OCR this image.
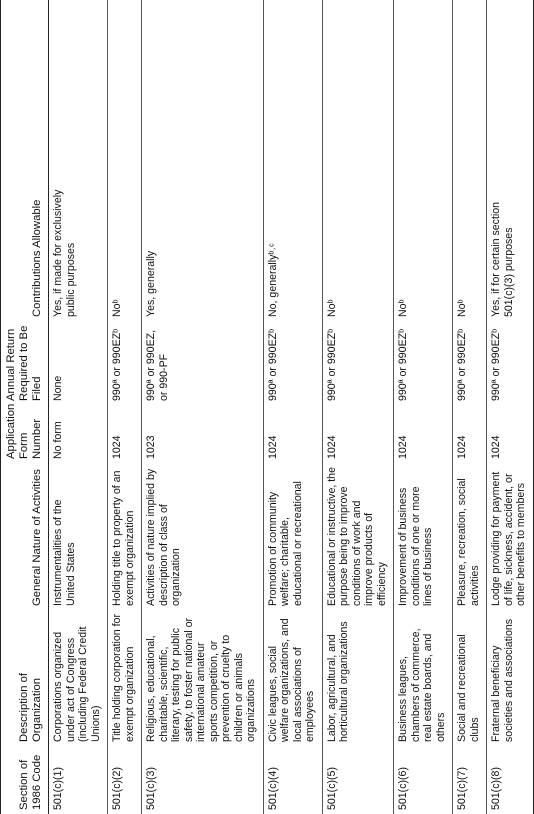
Section of 1986 Code	Description of Organization	General Nature of Activities	Application Form Number	Annual Return Required to Be Filed	Contributions Allowable

501(c)(1)	Corporations organized under act of Congress (including Federal Credit Unions)	Instrumentalities of the United States	No form	None	Yes, if made for exclusively public purposes

501(c)(2)	Title holding corporation for exempt organization	Holding title to property of an exempt organization	1024	990ª or 990EZᵇ	Noᵇ

501(c)(3)	Religious, educational, charitable, scientific, literary, testing for public safety, to foster national or international amateur sports competition, or prevention of cruelty to children or animals organizations	Activities of nature implied by description of class of organization	1023	990ª or 990EZ, or 990-PF	Yes, generally

501(c)(4)	Civic leagues, social welfare organizations, and local associations of employees	Promotion of community welfare; charitable, educational or recreational	1024	990ª or 990EZᵇ	No, generallyᵇ˒ᶜ

501(c)(5)	Labor, agricultural, and horticultural organizations	Educational or instructive, the purpose being to improve conditions of work and improve products of efficiency	1024	990ª or 990EZᵇ	Noᵇ

501(c)(6)	Business leagues, chambers of commerce, real estate boards, and others	Improvement of business conditions of one or more lines of business	1024	990ª or 990EZᵇ	Noᵇ

501(c)(7)	Social and recreational clubs	Pleasure, recreation, social activities	1024	990ª or 990EZᵇ	Noᵇ

501(c)(8)	Fraternal beneficiary societies and associations	Lodge providing for payment of life, sickness, accident, or other benefits to members	1024	990ª or 990EZᵇ	Yes, if for certain section 501(c)(3) purposes
